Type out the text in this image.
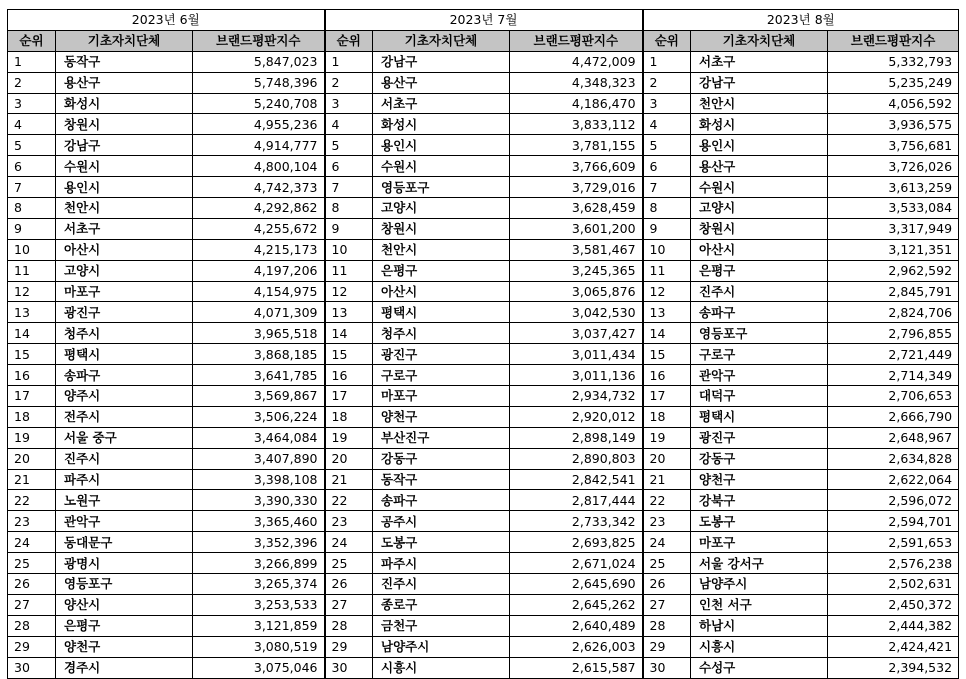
2023년 6월			2023년 7월			2023년 8월		
순위	기초자치단체	브랜드평판지수	순위	기초자치단체	브랜드평판지수	순위	기초자치단체	브랜드평판지수
1	동작구	5,847,023	1	강남구	4,472,009	1	서초구	5,332,793
2	용산구	5,748,396	2	용산구	4,348,323	2	강남구	5,235,249
3	화성시	5,240,708	3	서초구	4,186,470	3	천안시	4,056,592
4	창원시	4,955,236	4	화성시	3,833,112	4	화성시	3,936,575
5	강남구	4,914,777	5	용인시	3,781,155	5	용인시	3,756,681
6	수원시	4,800,104	6	수원시	3,766,609	6	용산구	3,726,026
7	용인시	4,742,373	7	영등포구	3,729,016	7	수원시	3,613,259
8	천안시	4,292,862	8	고양시	3,628,459	8	고양시	3,533,084
9	서초구	4,255,672	9	창원시	3,601,200	9	창원시	3,317,949
10	아산시	4,215,173	10	천안시	3,581,467	10	아산시	3,121,351
11	고양시	4,197,206	11	은평구	3,245,365	11	은평구	2,962,592
12	마포구	4,154,975	12	아산시	3,065,876	12	진주시	2,845,791
13	광진구	4,071,309	13	평택시	3,042,530	13	송파구	2,824,706
14	청주시	3,965,518	14	청주시	3,037,427	14	영등포구	2,796,855
15	평택시	3,868,185	15	광진구	3,011,434	15	구로구	2,721,449
16	송파구	3,641,785	16	구로구	3,011,136	16	관악구	2,714,349
17	양주시	3,569,867	17	마포구	2,934,732	17	대덕구	2,706,653
18	전주시	3,506,224	18	양천구	2,920,012	18	평택시	2,666,790
19	서울 중구	3,464,084	19	부산진구	2,898,149	19	광진구	2,648,967
20	진주시	3,407,890	20	강동구	2,890,803	20	강동구	2,634,828
21	파주시	3,398,108	21	동작구	2,842,541	21	양천구	2,622,064
22	노원구	3,390,330	22	송파구	2,817,444	22	강북구	2,596,072
23	관악구	3,365,460	23	공주시	2,733,342	23	도봉구	2,594,701
24	동대문구	3,352,396	24	도봉구	2,693,825	24	마포구	2,591,653
25	광명시	3,266,899	25	파주시	2,671,024	25	서울 강서구	2,576,238
26	영등포구	3,265,374	26	진주시	2,645,690	26	남양주시	2,502,631
27	양산시	3,253,533	27	종로구	2,645,262	27	인천 서구	2,450,372
28	은평구	3,121,859	28	금천구	2,640,489	28	하남시	2,444,382
29	양천구	3,080,519	29	남양주시	2,626,003	29	시흥시	2,424,421
30	경주시	3,075,046	30	시흥시	2,615,587	30	수성구	2,394,532
